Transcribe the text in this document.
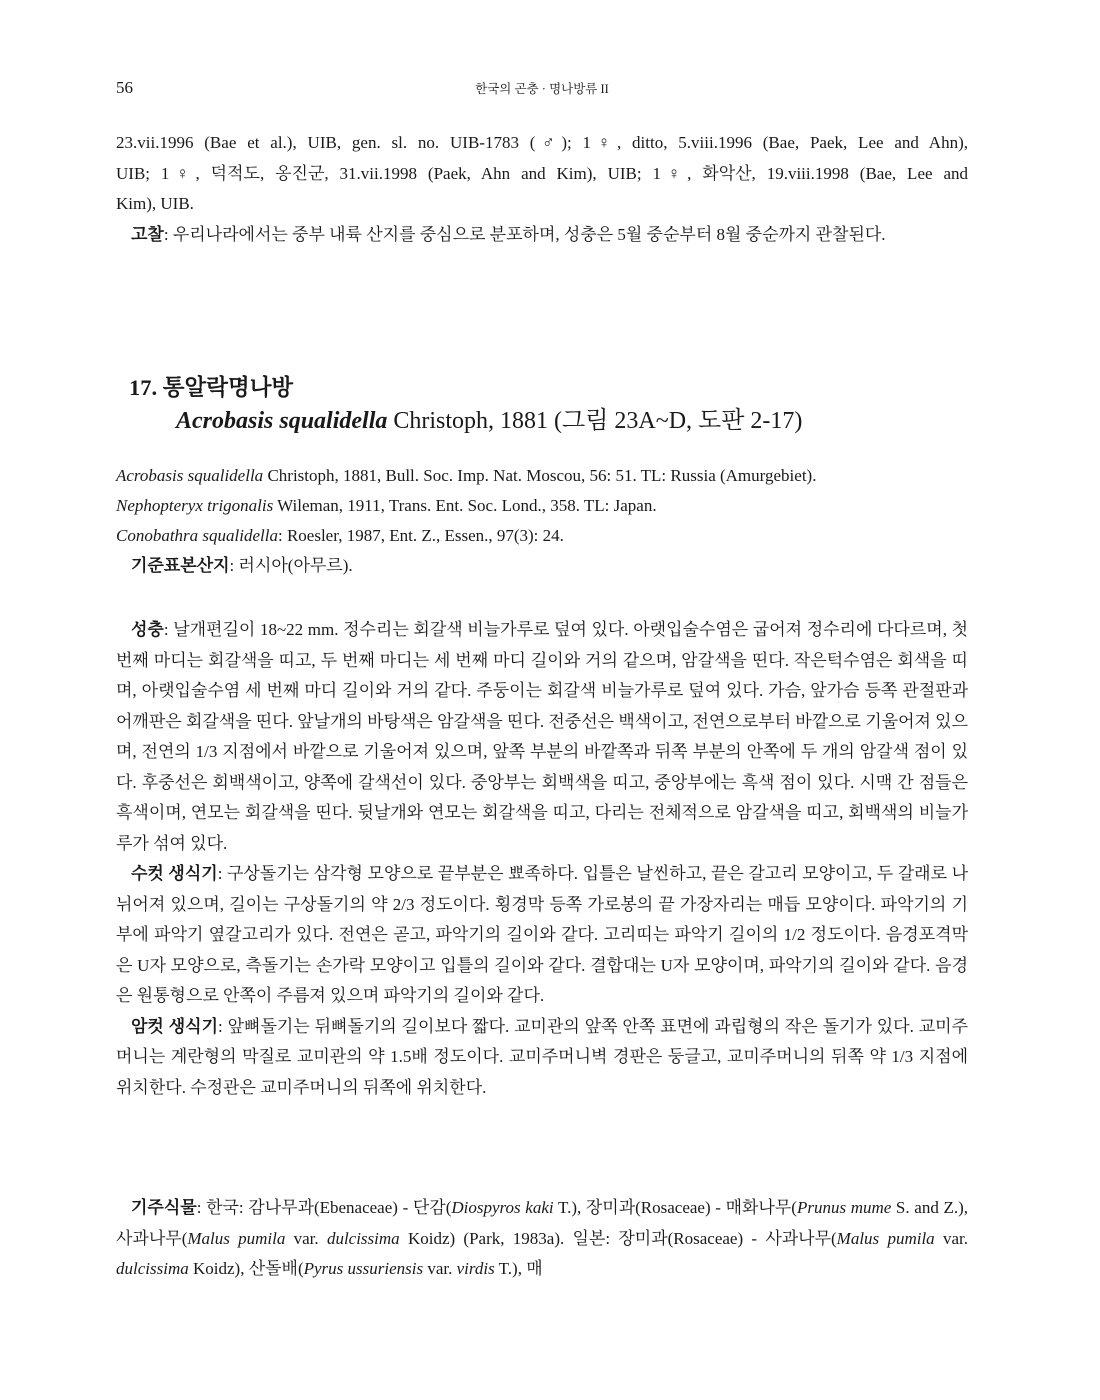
56	한국의 곤충 · 명나방류 II

23.vii.1996 (Bae et al.), UIB, gen. sl. no. UIB-1783 (♂); 1♀, ditto, 5.viii.1996 (Bae, Paek, Lee and Ahn),

UIB; 1♀, 덕적도, 옹진군, 31.vii.1998 (Paek, Ahn and Kim), UIB; 1♀, 화악산, 19.viii.1998 (Bae, Lee and

Kim), UIB.

고찰: 우리나라에서는 중부 내륙 산지를 중심으로 분포하며, 성충은 5월 중순부터 8월 중순까지 관찰된다.

17. 통알락명나방
Acrobasis squalidella Christoph, 1881 (그림 23A~D, 도판 2-17)

Acrobasis squalidella Christoph, 1881, Bull. Soc. Imp. Nat. Moscou, 56: 51. TL: Russia (Amurgebiet).

Nephopteryx trigonalis Wileman, 1911, Trans. Ent. Soc. Lond., 358. TL: Japan.

Conobathra squalidella: Roesler, 1987, Ent. Z., Essen., 97(3): 24.

기준표본산지: 러시아(아무르).

성충: 날개편길이 18~22 mm. 정수리는 회갈색 비늘가루로 덮여 있다. 아랫입술수염은 굽어져 정수리에 다다르며, 첫 번째 마디는 회갈색을 띠고, 두 번째 마디는 세 번째 마디 길이와 거의 같으며, 암갈색을 띤다. 작은턱수염은 회색을 띠며, 아랫입술수염 세 번째 마디 길이와 거의 같다. 주둥이는 회갈색 비늘가루로 덮여 있다. 가슴, 앞가슴 등쪽 관절판과 어깨판은 회갈색을 띤다. 앞날개의 바탕색은 암갈색을 띤다. 전중선은 백색이고, 전연으로부터 바깥으로 기울어져 있으며, 전연의 1/3 지점에서 바깥으로 기울어져 있으며, 앞쪽 부분의 바깥쪽과 뒤쪽 부분의 안쪽에 두 개의 암갈색 점이 있다. 후중선은 회백색이고, 양쪽에 갈색선이 있다. 중앙부는 회백색을 띠고, 중앙부에는 흑색 점이 있다. 시맥 간 점들은 흑색이며, 연모는 회갈색을 띤다. 뒷날개와 연모는 회갈색을 띠고, 다리는 전체적으로 암갈색을 띠고, 회백색의 비늘가루가 섞여 있다.

수컷 생식기: 구상돌기는 삼각형 모양으로 끝부분은 뾰족하다. 입틀은 날씬하고, 끝은 갈고리 모양이고, 두 갈래로 나뉘어져 있으며, 길이는 구상돌기의 약 2/3 정도이다. 횡경막 등쪽 가로봉의 끝 가장자리는 매듭 모양이다. 파악기의 기부에 파악기 옆갈고리가 있다. 전연은 곧고, 파악기의 길이와 같다. 고리띠는 파악기 길이의 1/2 정도이다. 음경포격막은 U자 모양으로, 측돌기는 손가락 모양이고 입틀의 길이와 같다. 결합대는 U자 모양이며, 파악기의 길이와 같다. 음경은 원통형으로 안쪽이 주름져 있으며 파악기의 길이와 같다.

암컷 생식기: 앞뼈돌기는 뒤뼈돌기의 길이보다 짧다. 교미관의 앞쪽 안쪽 표면에 과립형의 작은 돌기가 있다. 교미주머니는 계란형의 막질로 교미관의 약 1.5배 정도이다. 교미주머니벽 경판은 둥글고, 교미주머니의 뒤쪽 약 1/3 지점에 위치한다. 수정관은 교미주머니의 뒤쪽에 위치한다.

기주식물: 한국: 감나무과(Ebenaceae) - 단감(Diospyros kaki T.), 장미과(Rosaceae) - 매화나무(Prunus mume S. and Z.), 사과나무(Malus pumila var. dulcissima Koidz) (Park, 1983a). 일본: 장미과(Rosaceae) - 사과나무(Malus pumila var. dulcissima Koidz), 산돌배(Pyrus ussuriensis var. virdis T.), 매
